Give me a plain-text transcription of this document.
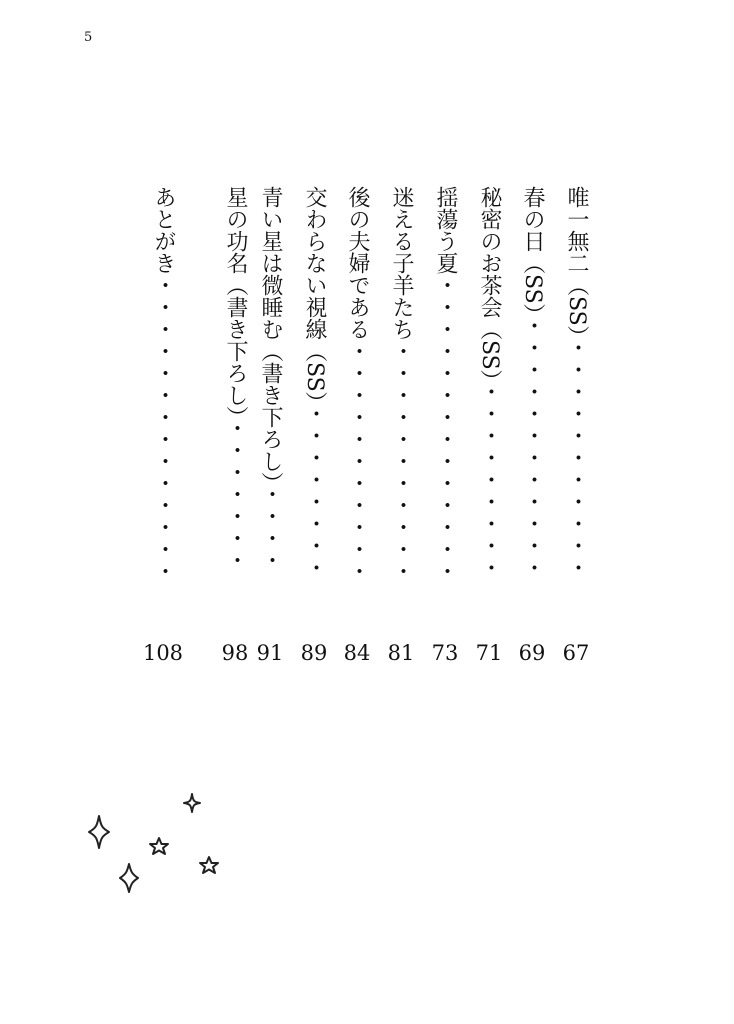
5
唯一無二（SS）・・・・・・・・・・・
67
春の日（SS）・・・・・・・・・・・・
69
秘密のお茶会（SS）・・・・・・・・・
71
揺蕩う夏・・・・・・・・・・・・・・
73
迷える子羊たち・・・・・・・・・・・
81
後の夫婦である・・・・・・・・・・・
84
交わらない視線（SS）・・・・・・・・
89
青い星は微睡む（書き下ろし）・・・・
91
星の功名（書き下ろし）・・・・・・・
98
あとがき・・・・・・・・・・・・・・
108
